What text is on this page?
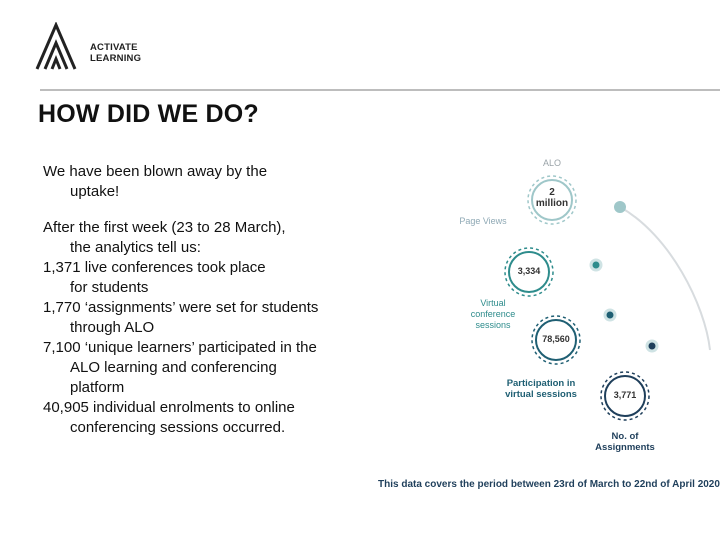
ACTIVATE
LEARNING
HOW DID WE DO?

We have been blown away by the

uptake!

After the first week (23 to 28 March),

the analytics tell us:

1,371 live conferences took place

for students

1,770 ‘assignments’ were set for students

through ALO

7,100 ‘unique learners’ participated in the

ALO learning and conferencing

platform

40,905 individual enrolments to online

conferencing sessions occurred.

ALO
2
million
Page Views
3,334
Virtual
conference
sessions
78,560
Participation in
virtual sessions	3,771
No. of
Assignments
This data covers the period between 23rd of March to 22nd of April 2020
